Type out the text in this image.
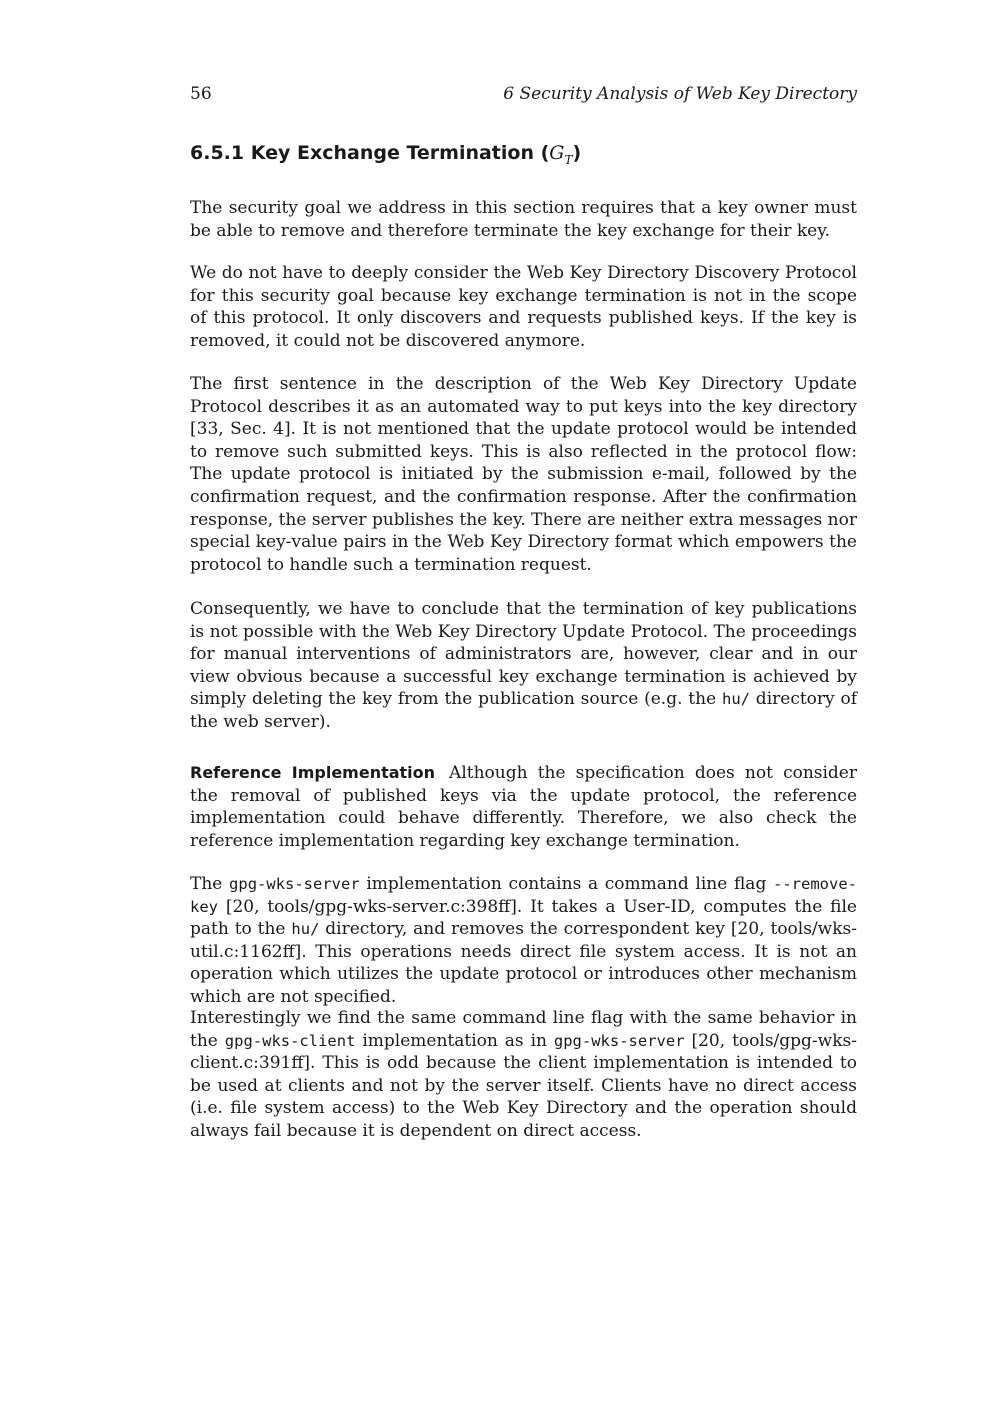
56	6 Security Analysis of Web Key Directory
6.5.1 Key Exchange Termination $(G_T)$

The security goal we address in this section requires that a key owner must be able to remove and therefore terminate the key exchange for their key.

We do not have to deeply consider the Web Key Directory Discovery Protocol for this security goal because key exchange termination is not in the scope of this protocol. It only discovers and requests published keys. If the key is removed, it could not be discovered anymore.

The first sentence in the description of the Web Key Directory Update Protocol describes it as an automated way to put keys into the key directory [33, Sec. 4]. It is not mentioned that the update protocol would be intended to remove such submitted keys. This is also reflected in the protocol flow: The update protocol is initiated by the submission e-mail, followed by the confirmation request, and the confirmation response. After the confirmation response, the server publishes the key. There are neither extra messages nor special key-value pairs in the Web Key Directory format which empowers the protocol to handle such a termination request.

Consequently, we have to conclude that the termination of key publications is not possible with the Web Key Directory Update Protocol. The proceedings for manual interventions of administrators are, however, clear and in our view obvious because a successful key exchange termination is achieved by simply deleting the key from the publication source (e.g. the hu/ directory of the web server).

Reference Implementation Although the specification does not consider the removal of published keys via the update protocol, the reference implementation could behave differently. Therefore, we also check the reference implementation regarding key exchange termination.

The gpg-wks-server implementation contains a command line flag --remove-key [20, tools/gpg-wks-server.c:398ff]. It takes a User-ID, computes the file path to the hu/ directory, and removes the correspondent key [20, tools/wks-util.c:1162ff]. This operations needs direct file system access. It is not an operation which utilizes the update protocol or introduces other mechanism which are not specified.

Interestingly we find the same command line flag with the same behavior in the gpg-wks-client implementation as in gpg-wks-server [20, tools/gpg-wks-client.c:391ff]. This is odd because the client implementation is intended to be used at clients and not by the server itself. Clients have no direct access (i.e. file system access) to the Web Key Directory and the operation should always fail because it is dependent on direct access.
